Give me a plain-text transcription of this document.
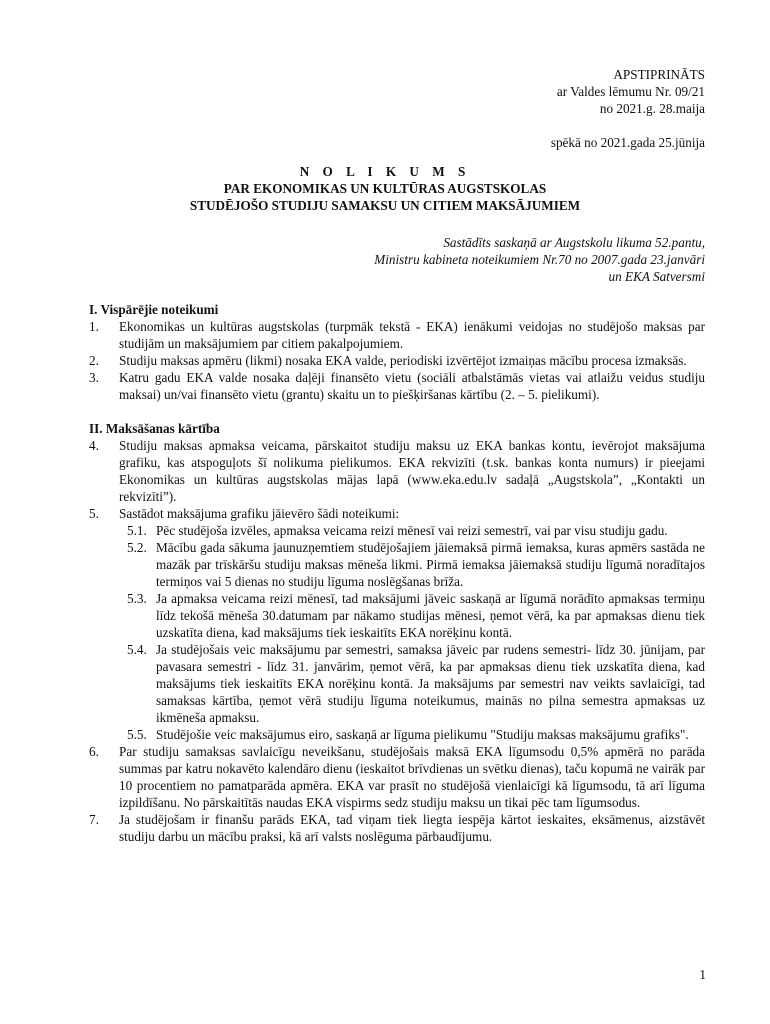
APSTIPRINĀTS
ar Valdes lēmumu Nr. 09/21
no 2021.g. 28.maija
spēkā no 2021.gada 25.jūnija
N O L I K U M S
PAR EKONOMIKAS UN KULTŪRAS AUGSTSKOLAS
STUDĒJOŠO STUDIJU SAMAKSU UN CITIEM MAKSĀJUMIEM
Sastādīts saskaņā ar Augstskolu likuma 52.pantu,
Ministru kabineta noteikumiem Nr.70 no 2007.gada 23.janvāri
un EKA Satversmi

I. Vispārējie noteikumi

1.	Ekonomikas un kultūras augstskolas (turpmāk tekstā - EKA) ienākumi veidojas no studējošo maksas par studijām un maksājumiem par citiem pakalpojumiem.
2.	Studiju maksas apmēru (likmi) nosaka EKA valde, periodiski izvērtējot izmaiņas mācību procesa izmaksās.
3.	Katru gadu EKA valde nosaka daļēji finansēto vietu (sociāli atbalstāmās vietas vai atlaižu veidus studiju maksai) un/vai finansēto vietu (grantu) skaitu un to piešķiršanas kārtību (2. – 5. pielikumi).

II. Maksāšanas kārtība

4.	Studiju maksas apmaksa veicama, pārskaitot studiju maksu uz EKA bankas kontu, ievērojot maksājuma grafiku, kas atspoguļots šī nolikuma pielikumos. EKA rekvizīti (t.sk. bankas konta numurs) ir pieejami Ekonomikas un kultūras augstskolas mājas lapā (www.eka.edu.lv sadaļā „Augstskola”, „Kontakti un rekvizīti”).
5.	Sastādot maksājuma grafiku jāievēro šādi noteikumi:
5.1. Pēc studējoša izvēles, apmaksa veicama reizi mēnesī vai reizi semestrī, vai par visu studiju gadu.
5.2. Mācību gada sākuma jaunuzņemtiem studējošajiem jāiemaksā pirmā iemaksa, kuras apmērs sastāda ne mazāk par trīskāršu studiju maksas mēneša likmi. Pirmā iemaksa jāiemaksā studiju līgumā noradītajos termiņos vai 5 dienas no studiju līguma noslēgšanas brīža.
5.3. Ja apmaksa veicama reizi mēnesī, tad maksājumi jāveic saskaņā ar līgumā norādīto apmaksas termiņu līdz tekošā mēneša 30.datumam par nākamo studijas mēnesi, ņemot vērā, ka par apmaksas dienu tiek uzskatīta diena, kad maksājums tiek ieskaitīts EKA norēķinu kontā.
5.4. Ja studējošais veic maksājumu par semestri, samaksa jāveic par rudens semestri- līdz 30. jūnijam, par pavasara semestri - līdz 31. janvārim, ņemot vērā, ka par apmaksas dienu tiek uzskatīta diena, kad maksājums tiek ieskaitīts EKA norēķinu kontā. Ja maksājums par semestri nav veikts savlaicīgi, tad samaksas kārtība, ņemot vērā studiju līguma noteikumus, mainās no pilna semestra apmaksas uz ikmēneša apmaksu.
5.5. Studējošie veic maksājumus eiro, saskaņā ar līguma pielikumu "Studiju maksas maksājumu grafiks".
6.	Par studiju samaksas savlaicīgu neveikšanu, studējošais maksā EKA līgumsodu 0,5% apmērā no parāda summas par katru nokavēto kalendāro dienu (ieskaitot brīvdienas un svētku dienas), taču kopumā ne vairāk par 10 procentiem no pamatparāda apmēra. EKA var prasīt no studējošā vienlaicīgi kā līgumsodu, tā arī līguma izpildīšanu. No pārskaitītās naudas EKA vispirms sedz studiju maksu un tikai pēc tam līgumsodus.
7.	Ja studējošam ir finanšu parāds EKA, tad viņam tiek liegta iespēja kārtot ieskaites, eksāmenus, aizstāvēt studiju darbu un mācību praksi, kā arī valsts noslēguma pārbaudījumu.
1
